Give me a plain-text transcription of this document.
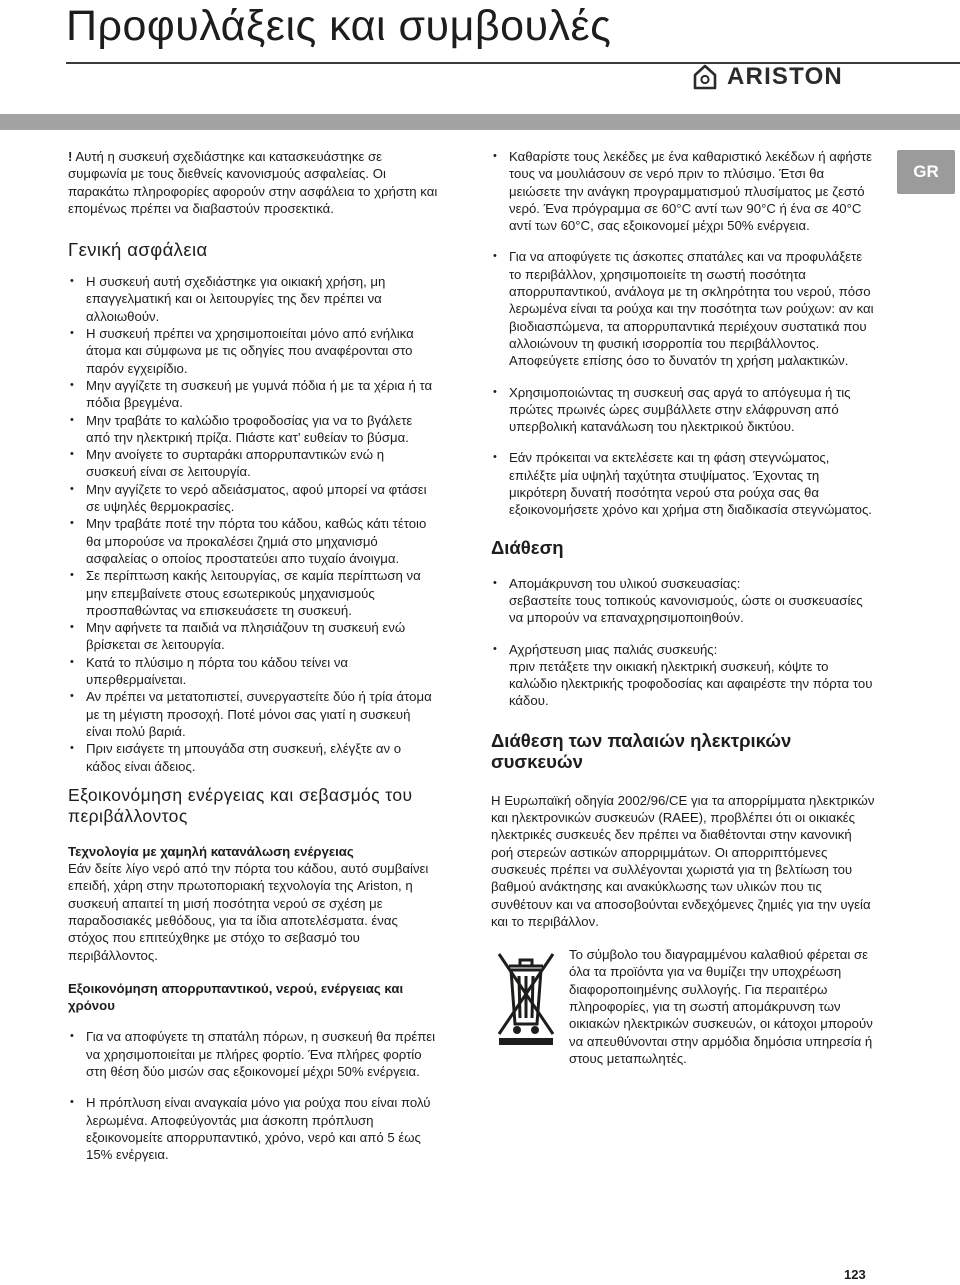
Προφυλάξεις και συμβουλές
ARISTON
GR

! Αυτή η συσκευή σχεδιάστηκε και κατασκευάστηκε σε συμφωνία με τους διεθνείς κανονισμούς ασφαλείας. Οι παρακάτω πληροφορίες αφορούν στην ασφάλεια το χρήστη και επομένως πρέπει να διαβαστούν προσεκτικά.

Γενική ασφάλεια
• Η συσκευή αυτή σχεδιάστηκε για οικιακή χρήση, μη επαγγελματική και οι λειτουργίες της δεν πρέπει να αλλοιωθούν.
• Η συσκευή πρέπει να χρησιμοποιείται μόνο από ενήλικα άτομα και σύμφωνα με τις οδηγίες που αναφέρονται στο παρόν εγχειρίδιο.
• Μην αγγίζετε τη συσκευή με γυμνά πόδια ή με τα χέρια ή τα πόδια βρεγμένα.
• Μην τραβάτε το καλώδιο τροφοδοσίας για να το βγάλετε από την ηλεκτρική πρίζα. Πιάστε κατ’ ευθείαν το βύσμα.
• Μην ανοίγετε το συρταράκι απορρυπαντικών ενώ η συσκευή είναι σε λειτουργία.
• Μην αγγίζετε το νερό αδειάσματος, αφού μπορεί να φτάσει σε υψηλές θερμοκρασίες.
• Μην τραβάτε ποτέ την πόρτα του κάδου, καθώς κάτι τέτοιο θα μπορούσε να προκαλέσει ζημιά στο μηχανισμό ασφαλείας ο οποίος προστατεύει απο τυχαίο άνοιγμα.
• Σε περίπτωση κακής λειτουργίας, σε καμία περίπτωση να μην επεμβαίνετε στους εσωτερικούς μηχανισμούς προσπαθώντας να επισκευάσετε τη συσκευή.
• Μην αφήνετε τα παιδιά να πλησιάζουν τη συσκευή ενώ βρίσκεται σε λειτουργία.
• Κατά το πλύσιμο η πόρτα του κάδου τείνει να υπερθερμαίνεται.
• Αν πρέπει να μετατοπιστεί, συνεργαστείτε δύο ή τρία άτομα με τη μέγιστη προσοχή. Ποτέ μόνοι σας γιατί η συσκευή είναι πολύ βαριά.
• Πριν εισάγετε τη μπουγάδα στη συσκευή, ελέγξτε αν ο κάδος είναι άδειος.
Εξοικονόμηση ενέργειας και σεβασμός του περιβάλλοντος
Τεχνολογία με χαμηλή κατανάλωση ενέργειας

Εάν δείτε λίγο νερό από την πόρτα του κάδου, αυτό συμβαίνει επειδή, χάρη στην πρωτοποριακή τεχνολογία της Ariston, η συσκευή απαιτεί τη μισή ποσότητα νερού σε σχέση με παραδοσιακές μεθόδους, για τα ίδια αποτελέσματα. ένας στόχος που επιτεύχθηκε με στόχο το σεβασμό του περιβάλλοντος.

Εξοικονόμηση απορρυπαντικού, νερού, ενέργειας και χρόνου
• Για να αποφύγετε τη σπατάλη πόρων, η συσκευή θα πρέπει να χρησιμοποιείται με πλήρες φορτίο. Ένα πλήρες φορτίο στη θέση δύο μισών σας εξοικονομεί μέχρι 50% ενέργεια.
• Η πρόπλυση είναι αναγκαία μόνο για ρούχα που είναι πολύ λερωμένα. Αποφεύγοντάς μια άσκοπη πρόπλυση εξοικονομείτε απορρυπαντικό, χρόνο, νερό και από 5 έως 15% ενέργεια.
• Καθαρίστε τους λεκέδες με ένα καθαριστικό λεκέδων ή αφήστε τους να μουλιάσουν σε νερό πριν το πλύσιμο. Έτσι θα μειώσετε την ανάγκη προγραμματισμού πλυσίματος με ζεστό νερό. Ένα πρόγραμμα σε 60°C αντί των 90°C ή ένα σε 40°C αντί των 60°C, σας εξοικονομεί μέχρι 50% ενέργεια.
• Για να αποφύγετε τις άσκοπες σπατάλες και να προφυλάξετε το περιβάλλον, χρησιμοποιείτε τη σωστή ποσότητα απορρυπαντικού, ανάλογα με τη σκληρότητα του νερού, πόσο λερωμένα είναι τα ρούχα και την ποσότητα των ρούχων: αν και βιοδιασπώμενα, τα απορρυπαντικά περιέχουν συστατικά που αλλοιώνουν τη φυσική ισορροπία του περιβάλλοντος. Αποφεύγετε επίσης όσο το δυνατόν τη χρήση μαλακτικών.
• Χρησιμοποιώντας τη συσκευή σας αργά το απόγευμα ή τις πρώτες πρωινές ώρες συμβάλλετε στην ελάφρυνση από υπερβολική κατανάλωση του ηλεκτρικού δικτύου.
• Εάν πρόκειται να εκτελέσετε και τη φάση στεγνώματος, επιλέξτε μία υψηλή ταχύτητα στυψίματος. Έχοντας τη μικρότερη δυνατή ποσότητα νερού στα ρούχα σας θα εξοικονομήσετε χρόνο και χρήμα στη διαδικασία στεγνώματος.
Διάθεση
• Απομάκρυνση του υλικού συσκευασίας:
σεβαστείτε τους τοπικούς κανονισμούς, ώστε οι συσκευασίες να μπορούν να επαναχρησιμοποιηθούν.
• Αχρήστευση μιας παλιάς συσκευής:
πριν πετάξετε την οικιακή ηλεκτρική συσκευή, κόψτε το καλώδιο ηλεκτρικής τροφοδοσίας και αφαιρέστε την πόρτα του κάδου.
Διάθεση των παλαιών ηλεκτρικών συσκευών

Η Ευρωπαϊκή οδηγία 2002/96/CE για τα απορρίμματα ηλεκτρικών και ηλεκτρονικών συσκευών (RAEE), προβλέπει ότι οι οικιακές ηλεκτρικές συσκευές δεν πρέπει να διαθέτονται στην κανονική ροή στερεών αστικών απορριμμάτων. Οι απορριπτόμενες συσκευές πρέπει να συλλέγονται χωριστά για τη βελτίωση του βαθμού ανάκτησης και ανακύκλωσης των υλικών που τις συνθέτουν και να αποσοβούνται ενδεχόμενες ζημιές για την υγεία και το περιβάλλον.

Το σύμβολο του διαγραμμένου καλαθιού φέρεται σε όλα τα προϊόντα για να θυμίζει την υποχρέωση διαφοροποιημένης συλλογής. Για περαιτέρω πληροφορίες, για τη σωστή απομάκρυνση των οικιακών ηλεκτρικών συσκευών, οι κάτοχοι μπορούν να απευθύνονται στην αρμόδια δημόσια υπηρεσία ή στους μεταπωλητές.

123
